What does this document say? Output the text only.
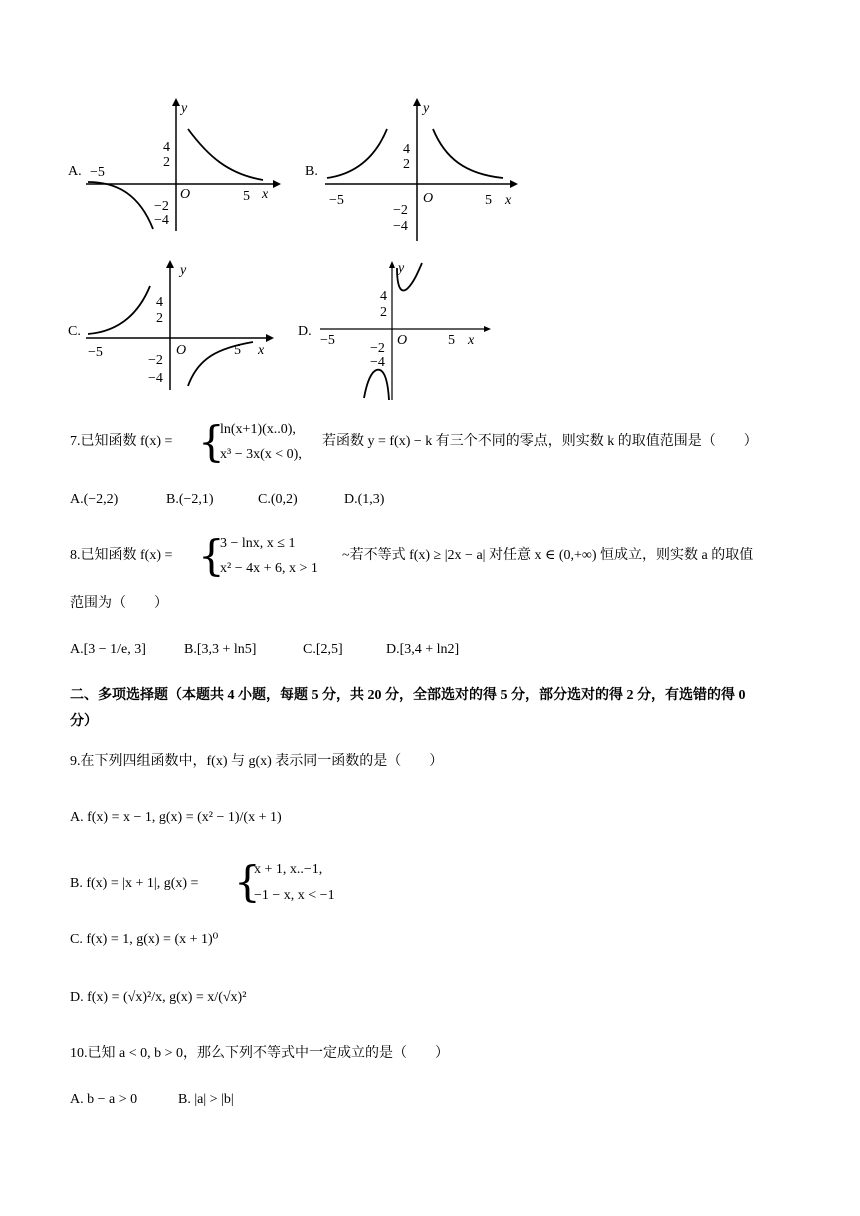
A. −5
5
4
2
−2
−4
O	x
y
B.
−5	5
4
2
−2
−4
O	x
y
C.
−5	5
4
2
−2
−4
O	x
y
D.
−5	5
4
2
−2
−4
O	x
y
7.已知函数 f(x) = {
ln(x+1)(x..0),
x³ − 3x(x < 0),
若函数 y = f(x) − k 有三个不同的零点，则实数 k 的取值范围是（　　）
A.(−2,2)	B.(−2,1)	C.(0,2)	D.(1,3)
8.已知函数 f(x) = {
3 − lnx, x ≤ 1
x² − 4x + 6, x > 1
~若不等式 f(x) ≥ |2x − a| 对任意 x ∈ (0,+∞) 恒成立，则实数 a 的取值
范围为（　　）
A.[3 − 1/e, 3]	B.[3,3 + ln5]	C.[2,5]	D.[3,4 + ln2]
二、多项选择题（本题共 4 小题，每题 5 分，共 20 分，全部选对的得 5 分，部分选对的得 2 分，有选错的得 0
分）
9.在下列四组函数中，f(x) 与 g(x) 表示同一函数的是（　　）
A. f(x) = x − 1, g(x) = (x² − 1)/(x + 1)
B. f(x) = |x + 1|, g(x) = {
x + 1, x..−1,
−1 − x, x < −1
C. f(x) = 1, g(x) = (x + 1)⁰
D. f(x) = (√x)²/x, g(x) = x/(√x)²
10.已知 a < 0, b > 0，那么下列不等式中一定成立的是（　　）
A. b − a > 0	B. |a| > |b|
